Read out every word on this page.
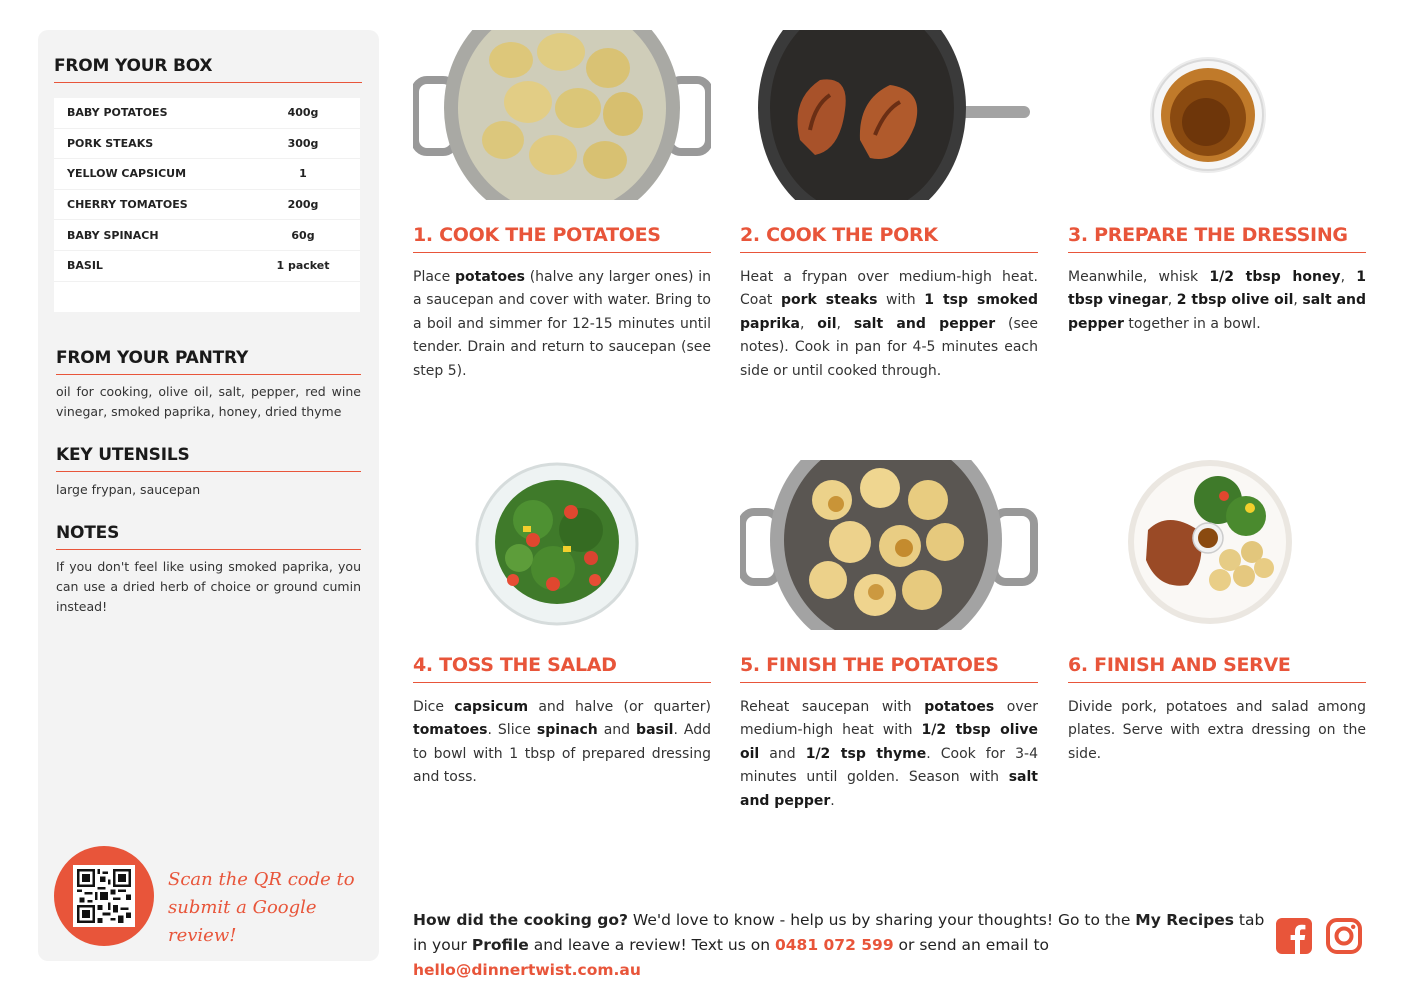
FROM YOUR BOX
BABY POTATOES	400g
PORK STEAKS	300g
YELLOW CAPSICUM	1
CHERRY TOMATOES	200g
BABY SPINACH	60g
BASIL	1 packet
FROM YOUR PANTRY
oil for cooking, olive oil, salt, pepper, red wine vinegar, smoked paprika, honey, dried thyme
KEY UTENSILS
large frypan, saucepan
NOTES
If you don't feel like using smoked paprika, you can use a dried herb of choice or ground cumin instead!
Scan the QR code to
submit a Google review!
1. COOK THE POTATOES
Place potatoes (halve any larger ones) in a saucepan and cover with water. Bring to a boil and simmer for 12-15 minutes until tender. Drain and return to saucepan (see step 5).
2. COOK THE PORK
Heat a frypan over medium-high heat. Coat pork steaks with 1 tsp smoked paprika, oil, salt and pepper (see notes). Cook in pan for 4-5 minutes each side or until cooked through.
3. PREPARE THE DRESSING
Meanwhile, whisk 1/2 tbsp honey, 1 tbsp vinegar, 2 tbsp olive oil, salt and pepper together in a bowl.
4. TOSS THE SALAD
Dice capsicum and halve (or quarter) tomatoes. Slice spinach and basil. Add to bowl with 1 tbsp of prepared dressing and toss.
5. FINISH THE POTATOES
Reheat saucepan with potatoes over medium-high heat with 1/2 tbsp olive oil and 1/2 tsp thyme. Cook for 3-4 minutes until golden. Season with salt and pepper.
6. FINISH AND SERVE
Divide pork, potatoes and salad among plates. Serve with extra dressing on the side.
How did the cooking go? We'd love to know - help us by sharing your thoughts! Go to the My Recipes tab in your Profile and leave a review! Text us on 0481 072 599 or send an email to hello@dinnertwist.com.au
